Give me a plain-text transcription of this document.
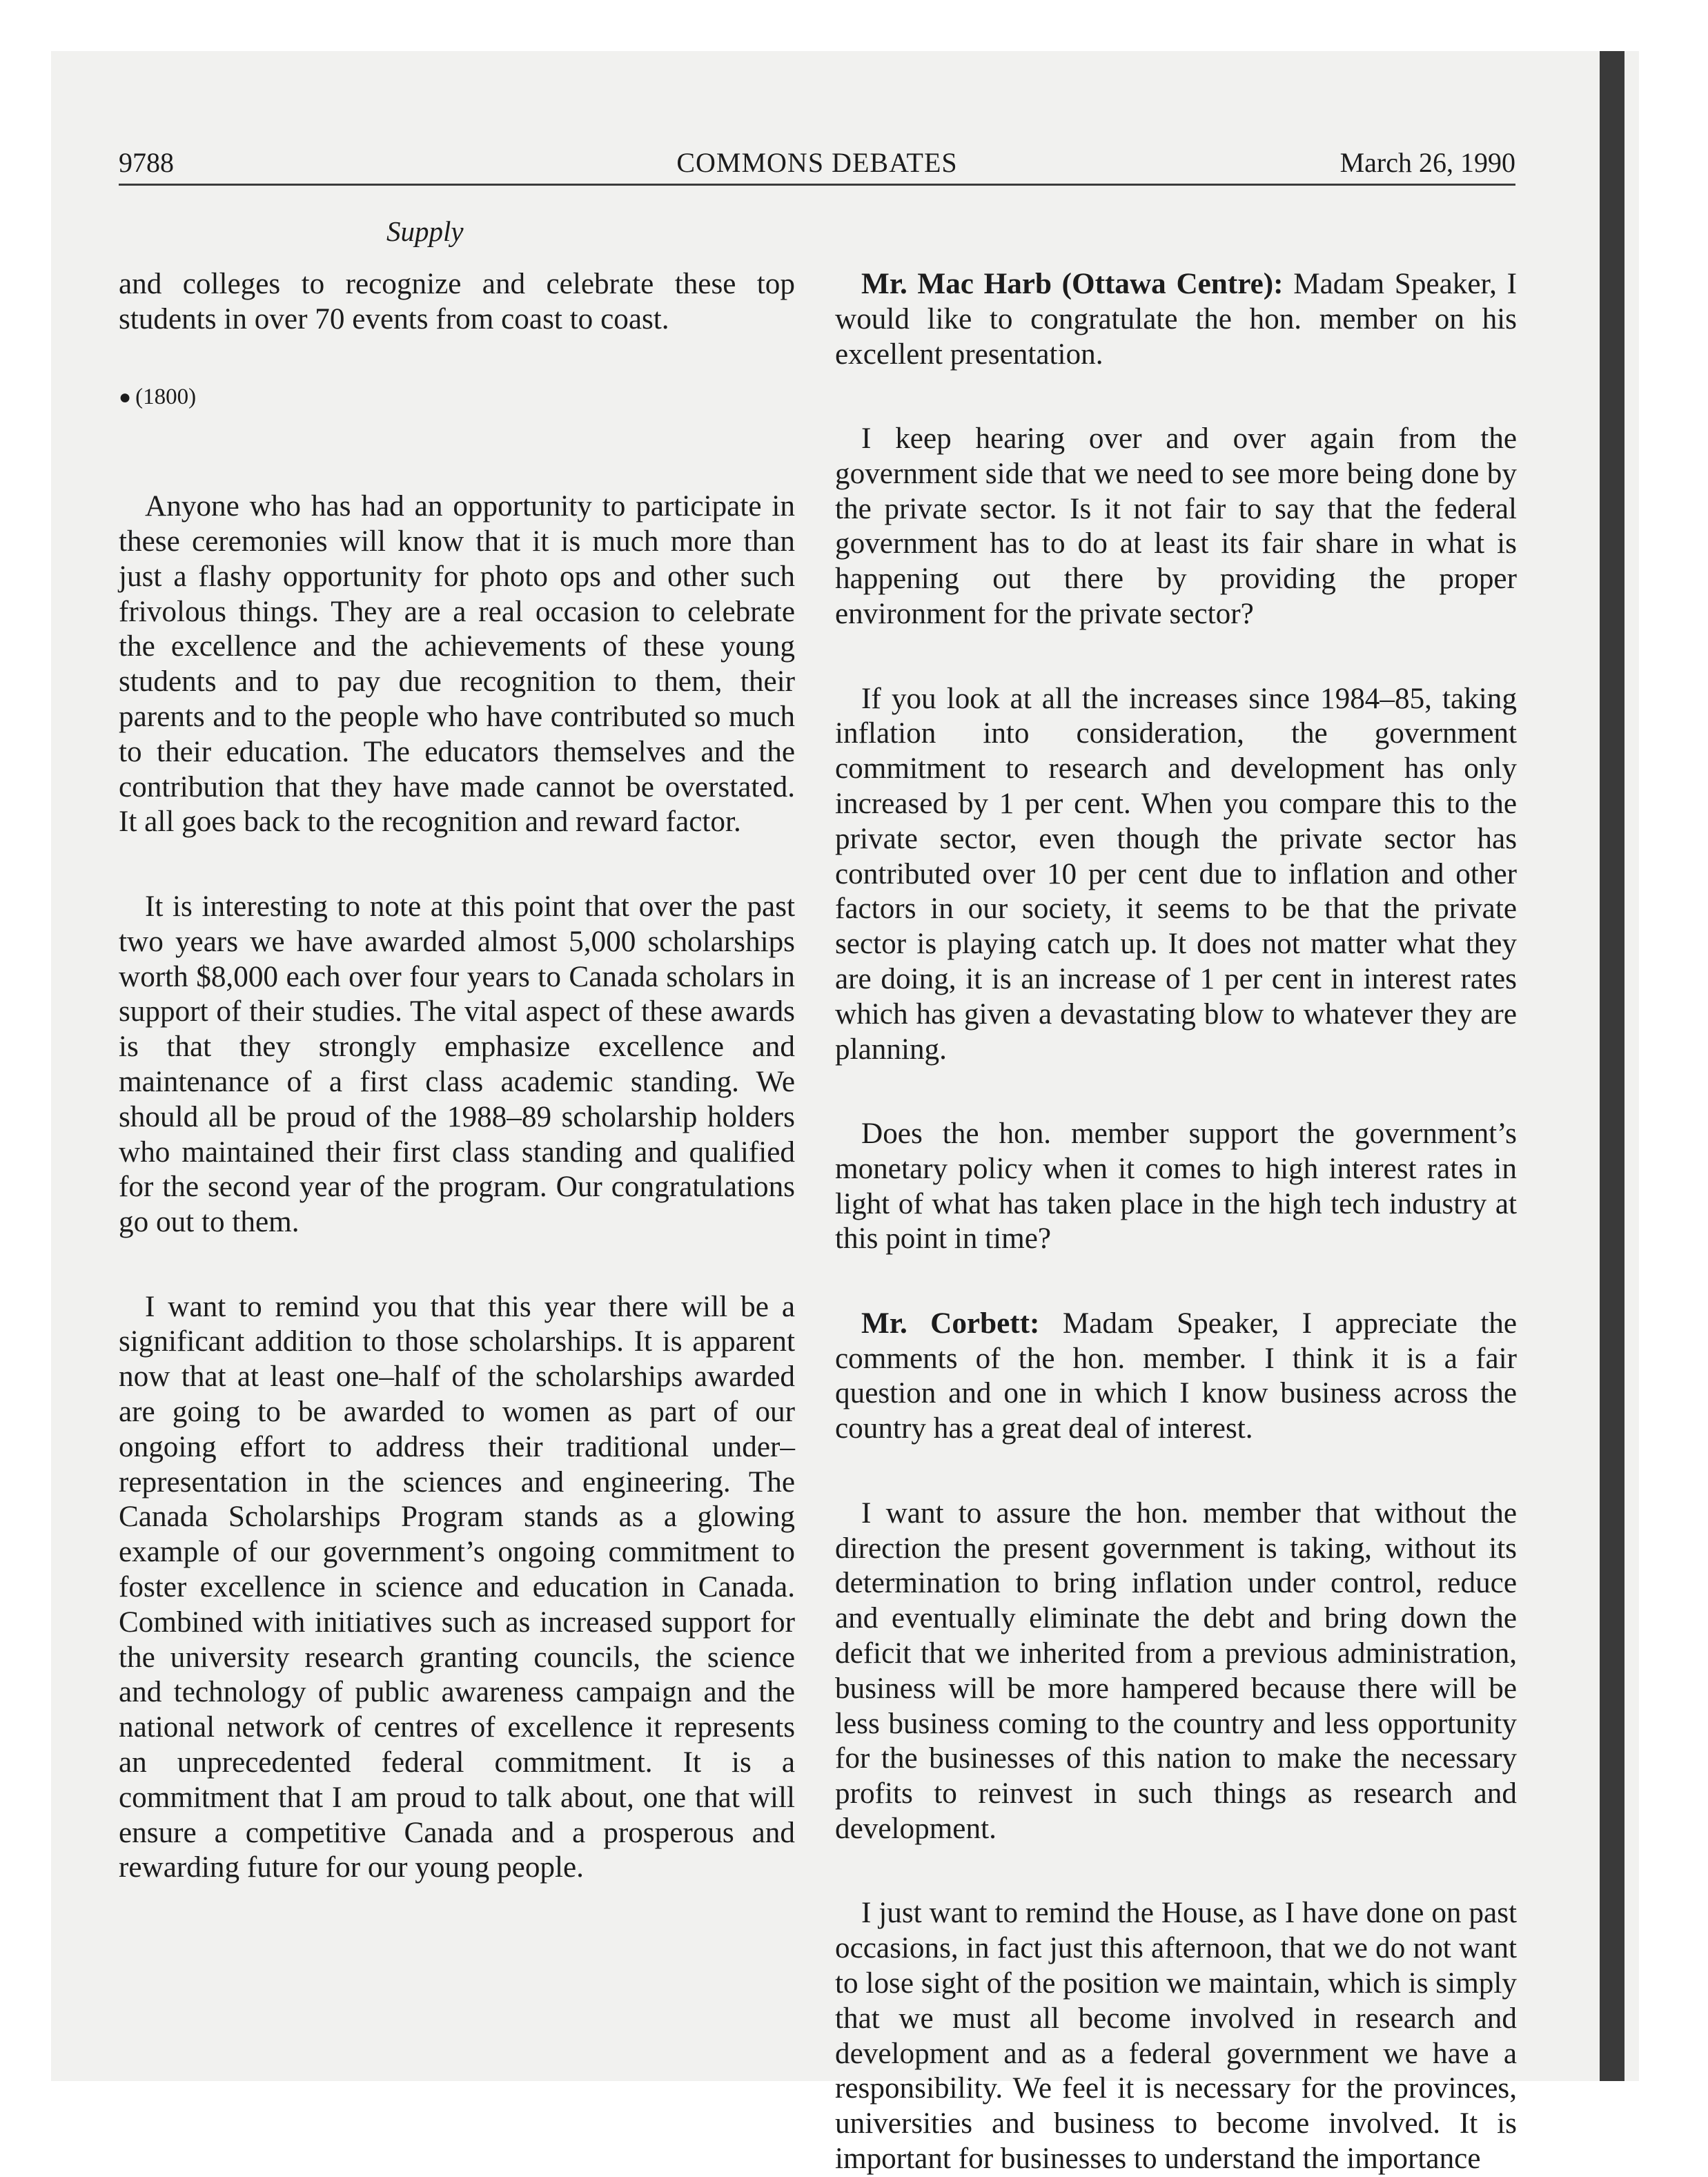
9788	COMMONS DEBATES	March 26, 1990
Supply

and colleges to recognize and celebrate these top students in over 70 events from coast to coast.

● (1800)

Anyone who has had an opportunity to participate in these ceremonies will know that it is much more than just a flashy opportunity for photo ops and other such frivolous things. They are a real occasion to celebrate the excellence and the achievements of these young students and to pay due recognition to them, their parents and to the people who have contributed so much to their education. The educators themselves and the contribution that they have made cannot be overstated. It all goes back to the recognition and reward factor.

It is interesting to note at this point that over the past two years we have awarded almost 5,000 scholarships worth $8,000 each over four years to Canada scholars in support of their studies. The vital aspect of these awards is that they strongly emphasize excellence and maintenance of a first class academic standing. We should all be proud of the 1988–89 scholarship holders who maintained their first class standing and qualified for the second year of the program. Our congratulations go out to them.

I want to remind you that this year there will be a significant addition to those scholarships. It is apparent now that at least one–half of the scholarships awarded are going to be awarded to women as part of our ongoing effort to address their traditional under–representation in the sciences and engineering. The Canada Scholarships Program stands as a glowing example of our government’s ongoing commitment to foster excellence in science and education in Canada. Combined with initiatives such as increased support for the university research granting councils, the science and technology of public awareness campaign and the national network of centres of excellence it represents an unprecedented federal commitment. It is a commitment that I am proud to talk about, one that will ensure a competitive Canada and a prosperous and rewarding future for our young people.

Mr. Mac Harb (Ottawa Centre): Madam Speaker, I would like to congratulate the hon. member on his excellent presentation.

I keep hearing over and over again from the government side that we need to see more being done by the private sector. Is it not fair to say that the federal government has to do at least its fair share in what is happening out there by providing the proper environment for the private sector?

If you look at all the increases since 1984–85, taking inflation into consideration, the government commitment to research and development has only increased by 1 per cent. When you compare this to the private sector, even though the private sector has contributed over 10 per cent due to inflation and other factors in our society, it seems to be that the private sector is playing catch up. It does not matter what they are doing, it is an increase of 1 per cent in interest rates which has given a devastating blow to whatever they are planning.

Does the hon. member support the government’s monetary policy when it comes to high interest rates in light of what has taken place in the high tech industry at this point in time?

Mr. Corbett: Madam Speaker, I appreciate the comments of the hon. member. I think it is a fair question and one in which I know business across the country has a great deal of interest.

I want to assure the hon. member that without the direction the present government is taking, without its determination to bring inflation under control, reduce and eventually eliminate the debt and bring down the deficit that we inherited from a previous administration, business will be more hampered because there will be less business coming to the country and less opportunity for the businesses of this nation to make the necessary profits to reinvest in such things as research and development.

I just want to remind the House, as I have done on past occasions, in fact just this afternoon, that we do not want to lose sight of the position we maintain, which is simply that we must all become involved in research and development and as a federal government we have a responsibility. We feel it is necessary for the provinces, universities and business to become involved. It is important for businesses to understand the importance
